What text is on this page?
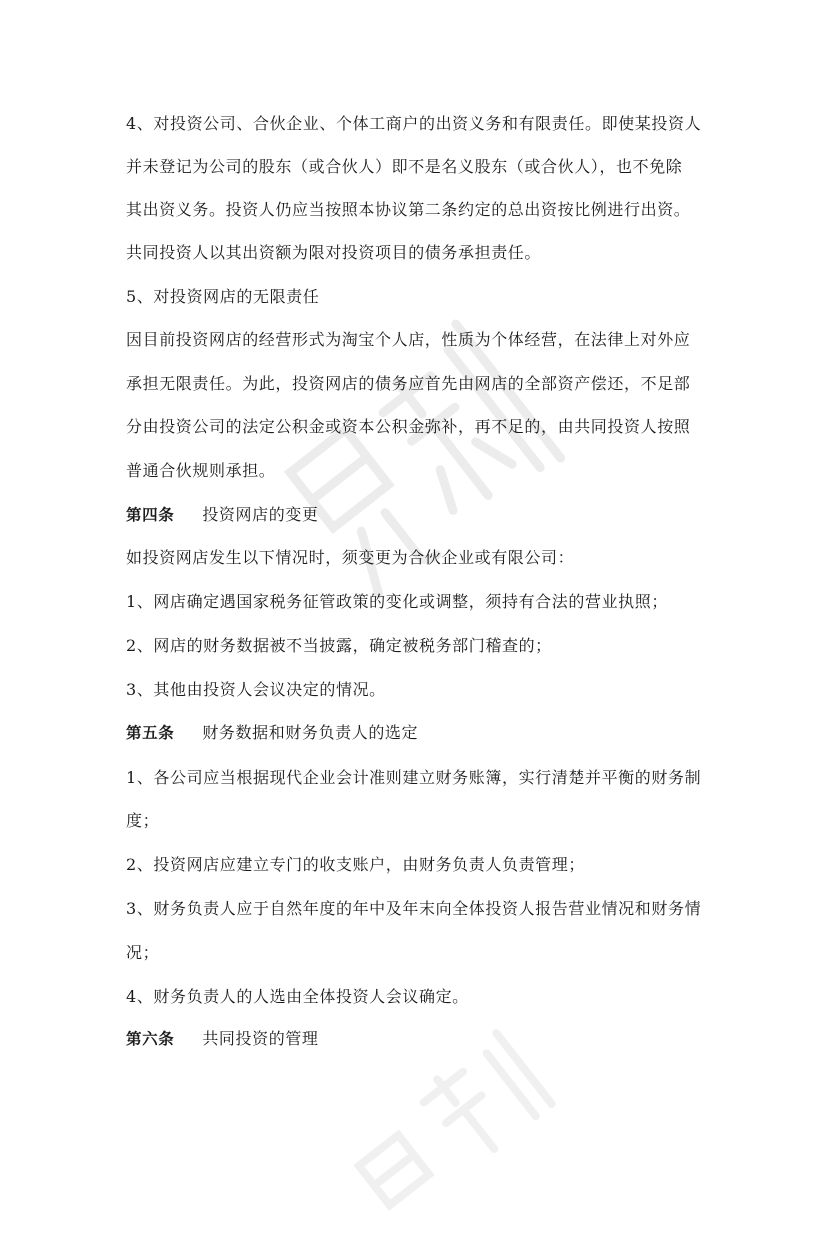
4、对投资公司、合伙企业、个体工商户的出资义务和有限责任。即使某投资人
并未登记为公司的股东（或合伙人）即不是名义股东（或合伙人），也不免除
其出资义务。投资人仍应当按照本协议第二条约定的总出资按比例进行出资。
共同投资人以其出资额为限对投资项目的债务承担责任。
5、对投资网店的无限责任
因目前投资网店的经营形式为淘宝个人店，性质为个体经营，在法律上对外应
承担无限责任。为此，投资网店的债务应首先由网店的全部资产偿还，不足部
分由投资公司的法定公积金或资本公积金弥补，再不足的，由共同投资人按照
普通合伙规则承担。
第四条 投资网店的变更
如投资网店发生以下情况时，须变更为合伙企业或有限公司：
1、网店确定遇国家税务征管政策的变化或调整，须持有合法的营业执照；
2、网店的财务数据被不当披露，确定被税务部门稽查的；
3、其他由投资人会议决定的情况。
第五条 财务数据和财务负责人的选定
1、各公司应当根据现代企业会计准则建立财务账簿，实行清楚并平衡的财务制
度；
2、投资网店应建立专门的收支账户，由财务负责人负责管理；
3、财务负责人应于自然年度的年中及年末向全体投资人报告营业情况和财务情
况；
4、财务负责人的人选由全体投资人会议确定。
第六条 共同投资的管理
